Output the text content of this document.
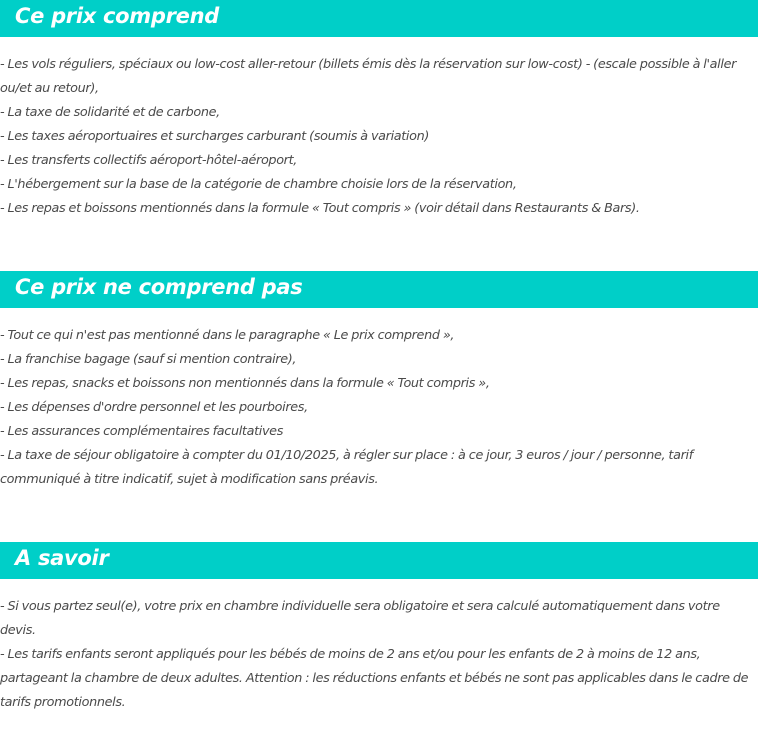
Ce prix comprend
- Les vols réguliers, spéciaux ou low-cost aller-retour (billets émis dès la réservation sur low-cost) - (escale possible à l'aller ou/et au retour),
- La taxe de solidarité et de carbone,
- Les taxes aéroportuaires et surcharges carburant (soumis à variation)
- Les transferts collectifs aéroport-hôtel-aéroport,
- L'hébergement sur la base de la catégorie de chambre choisie lors de la réservation,
- Les repas et boissons mentionnés dans la formule « Tout compris » (voir détail dans Restaurants & Bars).
Ce prix ne comprend pas
- Tout ce qui n'est pas mentionné dans le paragraphe « Le prix comprend »,
- La franchise bagage (sauf si mention contraire),
- Les repas, snacks et boissons non mentionnés dans la formule « Tout compris »,
- Les dépenses d'ordre personnel et les pourboires,
- Les assurances complémentaires facultatives
- La taxe de séjour obligatoire à compter du 01/10/2025, à régler sur place : à ce jour, 3 euros / jour / personne, tarif communiqué à titre indicatif, sujet à modification sans préavis.
A savoir
- Si vous partez seul(e), votre prix en chambre individuelle sera obligatoire et sera calculé automatiquement dans votre devis.
- Les tarifs enfants seront appliqués pour les bébés de moins de 2 ans et/ou pour les enfants de 2 à moins de 12 ans, partageant la chambre de deux adultes. Attention : les réductions enfants et bébés ne sont pas applicables dans le cadre de tarifs promotionnels.
